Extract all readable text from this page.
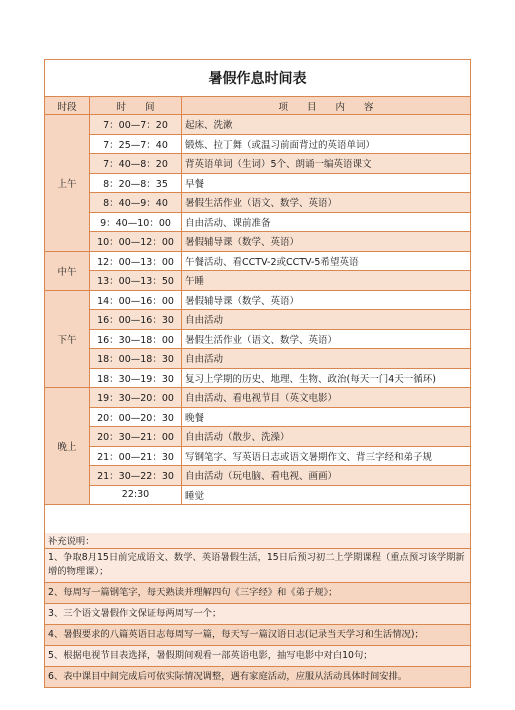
暑假作息时间表
时段	时　　间	项　　目　　内　　容
上午	7：00—7：20	起床、洗漱
	7：25—7：40	锻炼、拉丁舞（或温习前面背过的英语单词）
	7：40—8：20	背英语单词（生词）5个、朗诵一编英语课文
	8：20—8：35	早餐
	8：40—9：40	暑假生活作业（语文、数学、英语）
	9：40—10：00	自由活动、课前准备
	10：00—12：00	暑假辅导课（数学、英语）
中午	12：00—13：00	午餐活动、看CCTV-2或CCTV-5希望英语
	13：00—13：50	午睡
下午	14：00—16：00	暑假辅导课（数学、英语）
	16：00—16：30	自由活动
	16：30—18：00	暑假生活作业（语文、数学、英语）
	18：00—18：30	自由活动
	18：30—19：30	复习上学期的历史、地理、生物、政治(每天一门4天一循环)
晚上	19：30—20：00	自由活动、看电视节目（英文电影）
	20：00—20：30	晚餐
	20：30—21：00	自由活动（散步、洗澡）
	21：00—21：30	写钢笔字、写英语日志或语文暑期作文、背三字经和弟子规
	21：30—22：30	自由活动（玩电脑、看电视、画画）
	22:30	睡觉
补充说明：
1、争取8月15日前完成语文、数学、英语暑假生活，15日后预习初二上学期课程（重点预习该学期新增的物理课）；
2、每周写一篇钢笔字，每天熟读并理解四句《三字经》和《弟子规》；
3、三个语文暑假作文保证每两周写一个；
4、暑假要求的八篇英语日志每周写一篇，每天写一篇汉语日志(记录当天学习和生活情况)；
5、根据电视节目表选择，暑假期间观看一部英语电影，抽写电影中对白10句；
6、表中课目中间完成后可依实际情况调整，遇有家庭活动，应服从活动具体时间安排。
